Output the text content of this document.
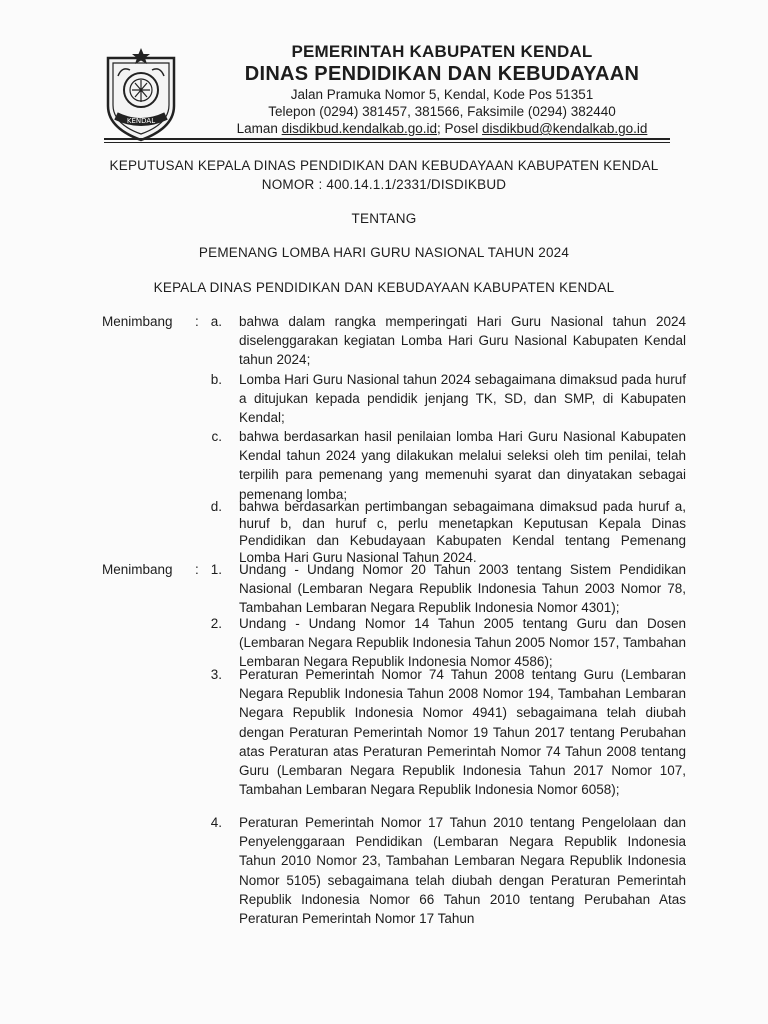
KENDAL
PEMERINTAH KABUPATEN KENDAL
DINAS PENDIDIKAN DAN KEBUDAYAAN
Jalan Pramuka Nomor 5, Kendal, Kode Pos 51351
Telepon (0294) 381457, 381566, Faksimile (0294) 382440
Laman disdikbud.kendalkab.go.id; Posel disdikbud@kendalkab.go.id
KEPUTUSAN KEPALA DINAS PENDIDIKAN DAN KEBUDAYAAN KABUPATEN KENDAL
NOMOR : 400.14.1.1/2331/DISDIKBUD
TENTANG
PEMENANG LOMBA HARI GURU NASIONAL TAHUN 2024
KEPALA DINAS PENDIDIKAN DAN KEBUDAYAAN KABUPATEN KENDAL
Menimbang : a. bahwa dalam rangka memperingati Hari Guru Nasional tahun 2024 diselenggarakan kegiatan Lomba Hari Guru Nasional Kabupaten Kendal tahun 2024;
b. Lomba Hari Guru Nasional tahun 2024 sebagaimana dimaksud pada huruf a ditujukan kepada pendidik jenjang TK, SD, dan SMP, di Kabupaten Kendal;
c. bahwa berdasarkan hasil penilaian lomba Hari Guru Nasional Kabupaten Kendal tahun 2024 yang dilakukan melalui seleksi oleh tim penilai, telah terpilih para pemenang yang memenuhi syarat dan dinyatakan sebagai pemenang lomba;
d. bahwa berdasarkan pertimbangan sebagaimana dimaksud pada huruf a, huruf b, dan huruf c, perlu menetapkan Keputusan Kepala Dinas Pendidikan dan Kebudayaan Kabupaten Kendal tentang Pemenang Lomba Hari Guru Nasional Tahun 2024.
Menimbang : 1. Undang - Undang Nomor 20 Tahun 2003 tentang Sistem Pendidikan Nasional (Lembaran Negara Republik Indonesia Tahun 2003 Nomor 78, Tambahan Lembaran Negara Republik Indonesia Nomor 4301);
2. Undang - Undang Nomor 14 Tahun 2005 tentang Guru dan Dosen (Lembaran Negara Republik Indonesia Tahun 2005 Nomor 157, Tambahan Lembaran Negara Republik Indonesia Nomor 4586);
3. Peraturan Pemerintah Nomor 74 Tahun 2008 tentang Guru (Lembaran Negara Republik Indonesia Tahun 2008 Nomor 194, Tambahan Lembaran Negara Republik Indonesia Nomor 4941) sebagaimana telah diubah dengan Peraturan Pemerintah Nomor 19 Tahun 2017 tentang Perubahan atas Peraturan atas Peraturan Pemerintah Nomor 74 Tahun 2008 tentang Guru (Lembaran Negara Republik Indonesia Tahun 2017 Nomor 107, Tambahan Lembaran Negara Republik Indonesia Nomor 6058);
4. Peraturan Pemerintah Nomor 17 Tahun 2010 tentang Pengelolaan dan Penyelenggaraan Pendidikan (Lembaran Negara Republik Indonesia Tahun 2010 Nomor 23, Tambahan Lembaran Negara Republik Indonesia Nomor 5105) sebagaimana telah diubah dengan Peraturan Pemerintah Republik Indonesia Nomor 66 Tahun 2010 tentang Perubahan Atas Peraturan Pemerintah Nomor 17 Tahun
